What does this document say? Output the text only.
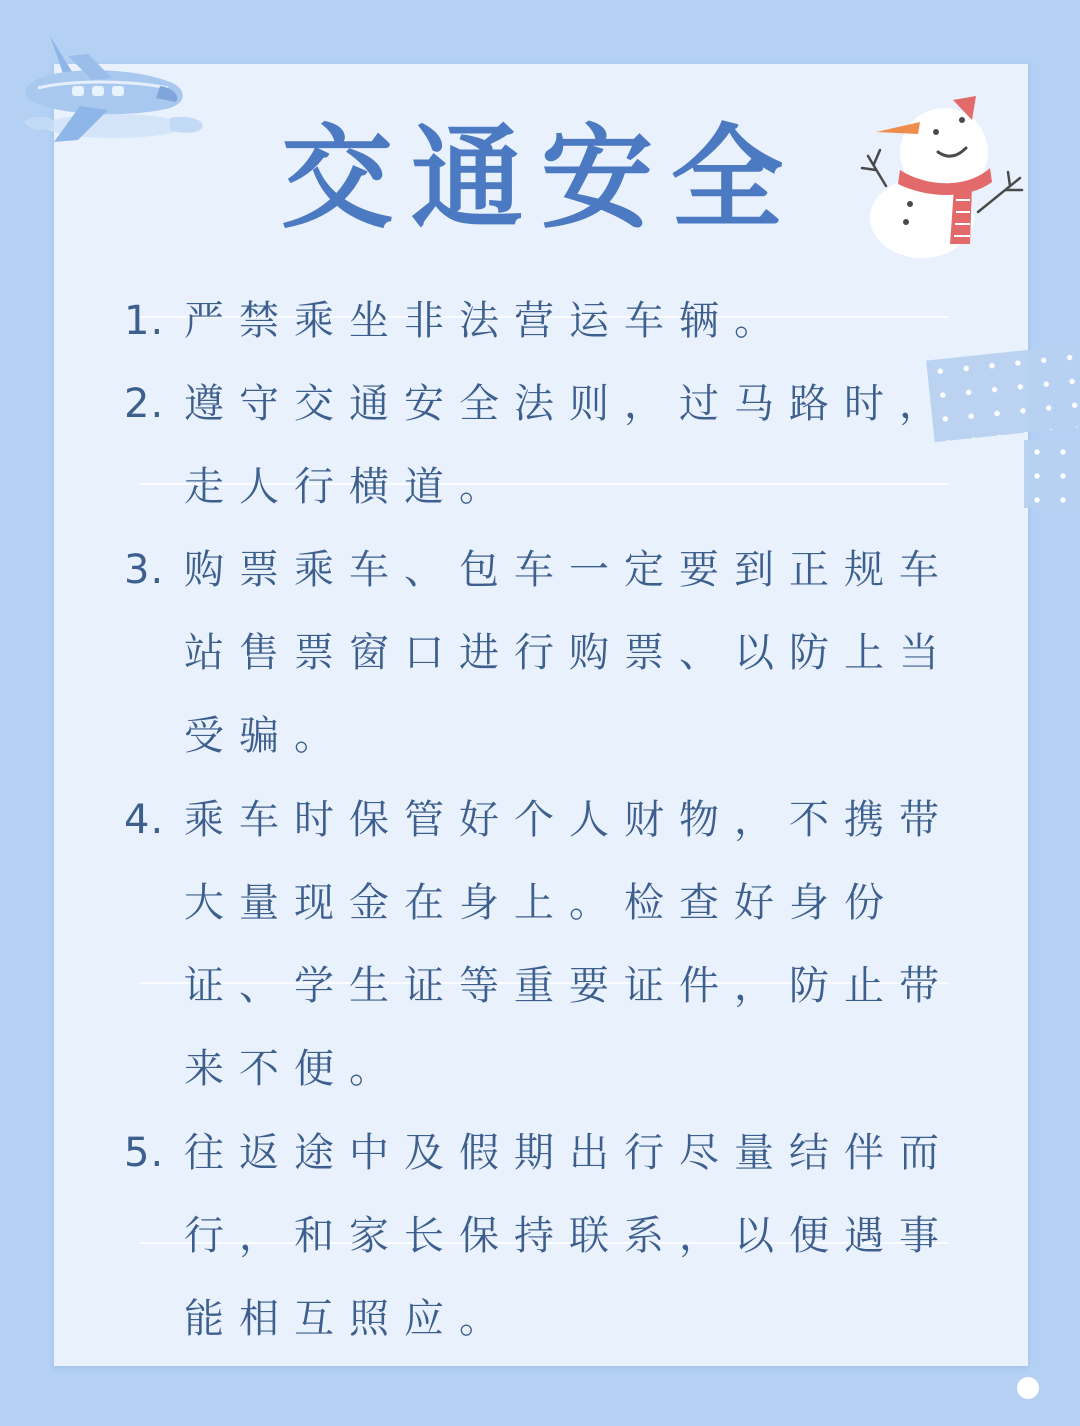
交通安全
1. 严禁乘坐非法营运车辆。
2. 遵守交通安全法则，过马路时，走人行横道。
3. 购票乘车、包车一定要到正规车站售票窗口进行购票、以防上当受骗。
4. 乘车时保管好个人财物，不携带大量现金在身上。检查好身份证、学生证等重要证件，防止带来不便。
5. 往返途中及假期出行尽量结伴而行，和家长保持联系，以便遇事能相互照应。
